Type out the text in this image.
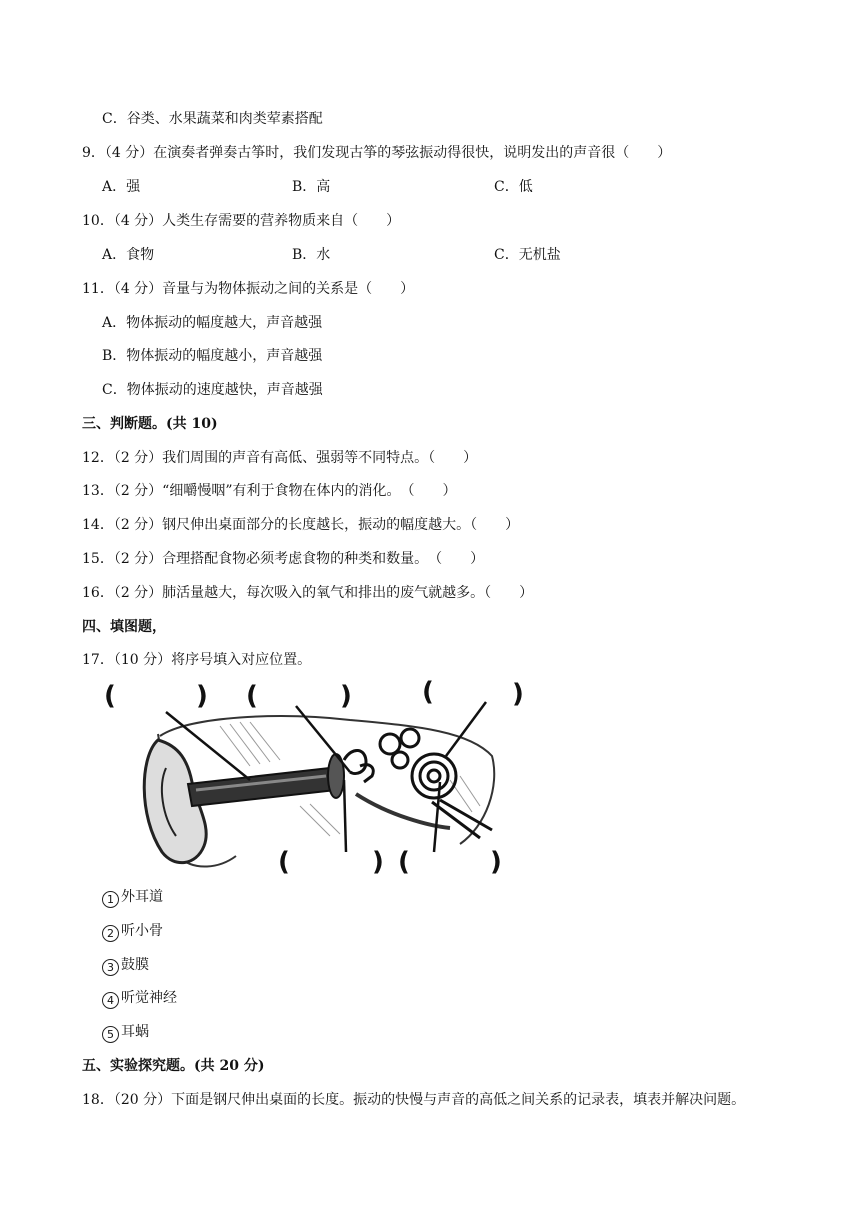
C．谷类、水果蔬菜和肉类荤素搭配
9．（4 分）在演奏者弹奏古筝时，我们发现古筝的琴弦振动得很快，说明发出的声音很（　　）
A．强	B．高	C．低
10．（4 分）人类生存需要的营养物质来自（　　）
A．食物	B．水	C．无机盐
11．（4 分）音量与为物体振动之间的关系是（　　）
A．物体振动的幅度越大，声音越强
B．物体振动的幅度越小，声音越强
C．物体振动的速度越快，声音越强
三、判断题。(共 10)
12．（2 分）我们周围的声音有高低、强弱等不同特点。（　　）
13．（2 分）“细嚼慢咽”有利于食物在体内的消化。　（　　）
14．（2 分）钢尺伸出桌面部分的长度越长，振动的幅度越大。（　　）
15．（2 分）合理搭配食物必须考虑食物的种类和数量。　（　　）
16．（2 分）肺活量越大，每次吸入的氧气和排出的废气就越多。（　　）
四、填图题，
17．（10 分）将序号填入对应位置。
(	) (	)	(	)
(	) (	)
1 外耳道
2 听小骨
3 鼓膜
4 听觉神经
5 耳蜗
五、实验探究题。(共 20 分)
18．（20 分）下面是钢尺伸出桌面的长度。振动的快慢与声音的高低之间关系的记录表，填表并解决问题。
